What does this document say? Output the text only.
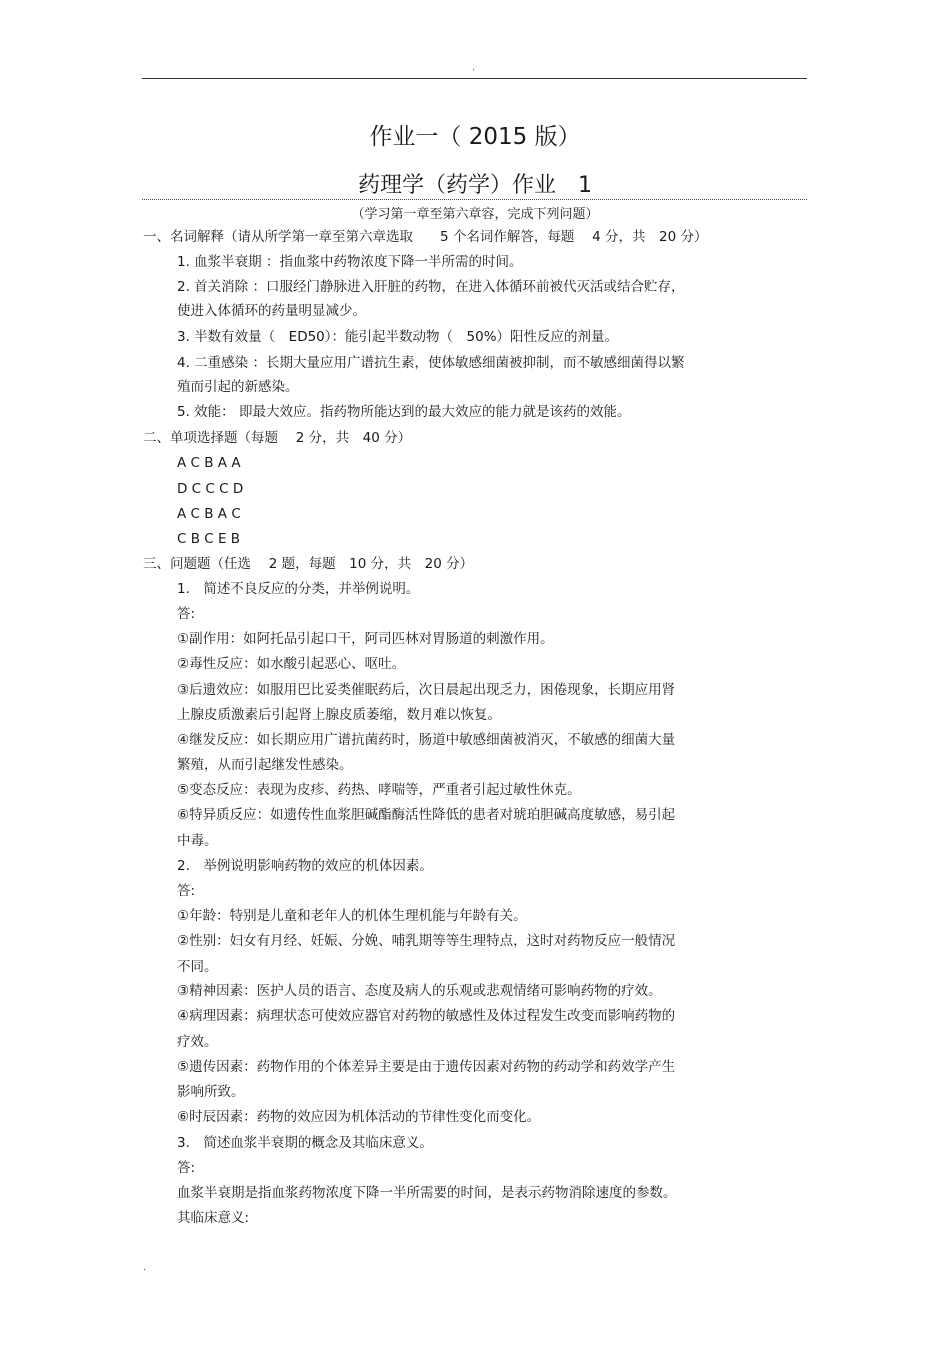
.
作业一（ 2015 版）
药理学（药学）作业　1
（学习第一章至第六章容，完成下列问题）
一、名词解释（请从所学第一章至第六章选取　　5 个名词作解答，每题　 4 分，共　20 分）
1. 血浆半衰期 ：指血浆中药物浓度下降一半所需的时间。
2. 首关消除 ：口服经门静脉进入肝脏的药物，在进入体循环前被代灭活或结合贮存，
使进入体循环的药量明显减少。
3. 半数有效量（　ED50）：能引起半数动物（　50%）阳性反应的剂量。
4. 二重感染 ：长期大量应用广谱抗生素，使体敏感细菌被抑制，而不敏感细菌得以繁
殖而引起的新感染。
5. 效能： 即最大效应。指药物所能达到的最大效应的能力就是该药的效能。
二、单项选择题（每题　 2 分，共　40 分）
A C B A A
D C C C D
A C B A C
C B C E B
三、问题题（任选　 2 题，每题　10 分，共　20 分）
1.　简述不良反应的分类，并举例说明。
答:
①副作用：如阿托品引起口干，阿司匹林对胃肠道的刺激作用。
②毒性反应：如水酸引起恶心、呕吐。
③后遗效应：如服用巴比妥类催眠药后，次日晨起出现乏力，困倦现象，长期应用肾
上腺皮质激素后引起肾上腺皮质萎缩，数月难以恢复。
④继发反应：如长期应用广谱抗菌药时，肠道中敏感细菌被消灭，不敏感的细菌大量
繁殖，从而引起继发性感染。
⑤变态反应：表现为皮疹、药热、哮喘等，严重者引起过敏性休克。
⑥特异质反应：如遗传性血浆胆碱酯酶活性降低的患者对琥珀胆碱高度敏感，易引起
中毒。
2.　举例说明影响药物的效应的机体因素。
答:
①年龄：特别是儿童和老年人的机体生理机能与年龄有关。
②性别：妇女有月经、妊娠、分娩、哺乳期等等生理特点，这时对药物反应一般情况
不同。
③精神因素：医护人员的语言、态度及病人的乐观或悲观情绪可影响药物的疗效。
④病理因素：病理状态可使效应器官对药物的敏感性及体过程发生改变而影响药物的
疗效。
⑤遗传因素：药物作用的个体差异主要是由于遗传因素对药物的药动学和药效学产生
影响所致。
⑥时辰因素：药物的效应因为机体活动的节律性变化而变化。
3.　简述血浆半衰期的概念及其临床意义。
答:
血浆半衰期是指血浆药物浓度下降一半所需要的时间，是表示药物消除速度的参数。
其临床意义:
.
